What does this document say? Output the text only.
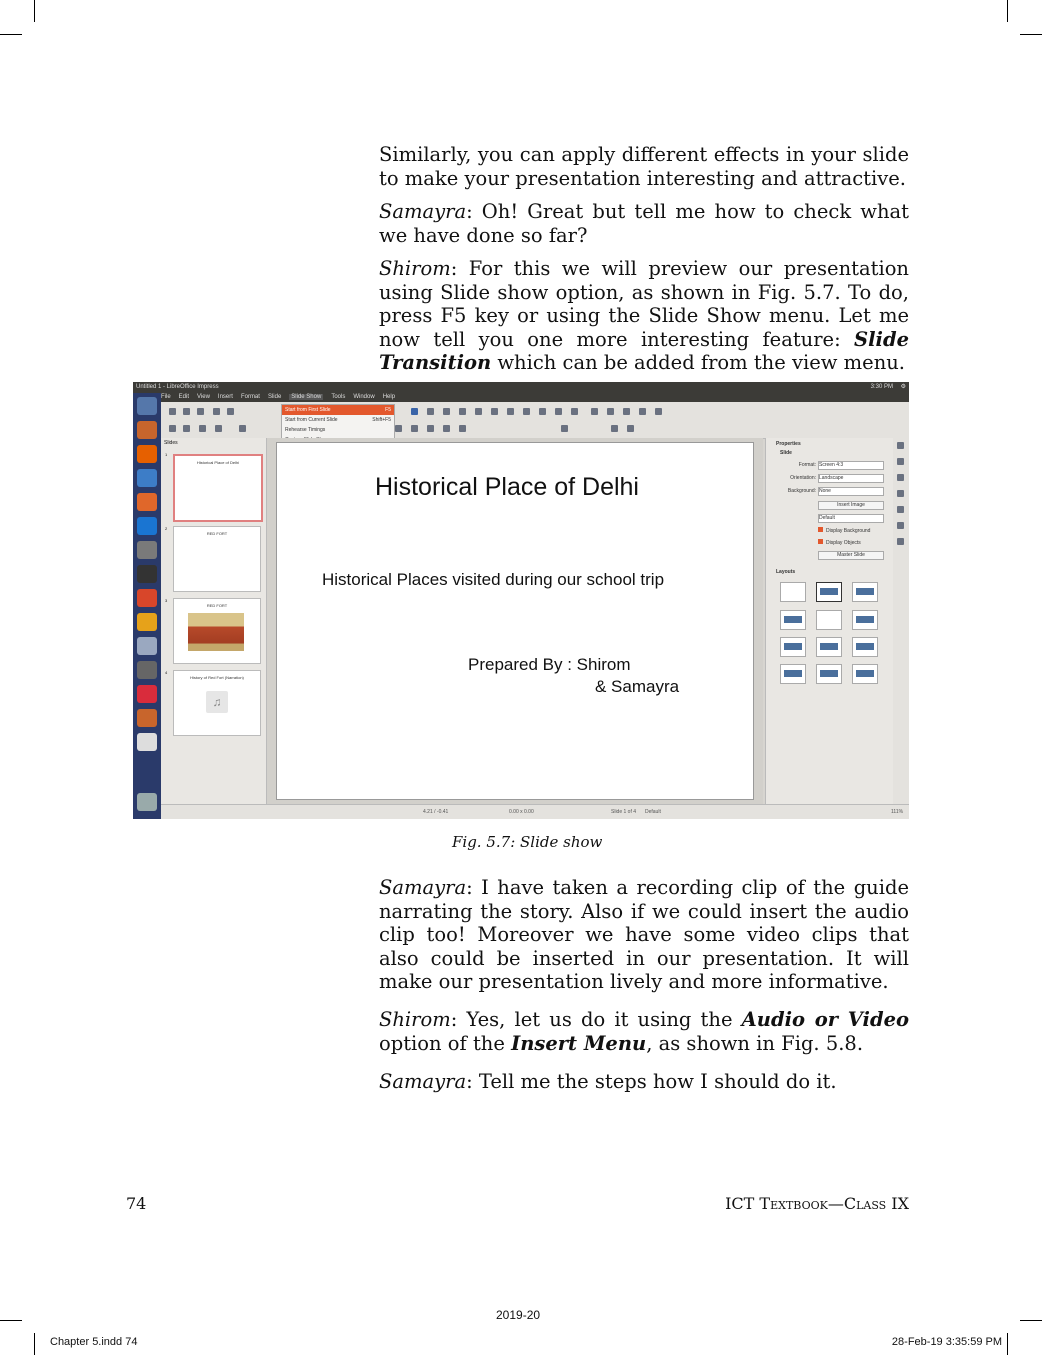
Similarly, you can apply different effects in your slide to make your presentation interesting and attractive.

Samayra: Oh! Great but tell me how to check what we have done so far?

Shirom: For this we will preview our presentation using Slide show option, as shown in Fig. 5.7. To do, press F5 key or using the Slide Show menu. Let me now tell you one more interesting feature: Slide Transition which can be added from the view menu.

Untitled 1 - LibreOffice Impress	3:30 PM ⚙
File Edit View Insert Format Slide Slide Show Tools Window Help
Start from First Slide	F5
Start from Current Slide	Shift+F5
Rehearse Timings
Slides
1
Historical Place of Delhi
2
RED FORT
3
RED FORT
4
History of Red Fort (Narration)
♫
Historical Place of Delhi
Historical Places visited during our school trip
Prepared By : Shirom
& Samayra
Properties
Slide
Format: Screen 4:3
Orientation: Landscape
Background: None
Insert Image
Default
Display Background
Display Objects
Master Slide
Layouts
4.21 / -0.41	0.00 x 0.00	Slide 1 of 4 Default	111%
Fig. 5.7: Slide show

Samayra: I have taken a recording clip of the guide narrating the story. Also if we could insert the audio clip too! Moreover we have some video clips that also could be inserted in our presentation. It will make our presentation lively and more informative.

Shirom: Yes, let us do it using the Audio or Video option of the Insert Menu, as shown in Fig. 5.8.

Samayra: Tell me the steps how I should do it.

74	ICT Textbook—Class IX
2019-20
Chapter 5.indd 74	28-Feb-19 3:35:59 PM
